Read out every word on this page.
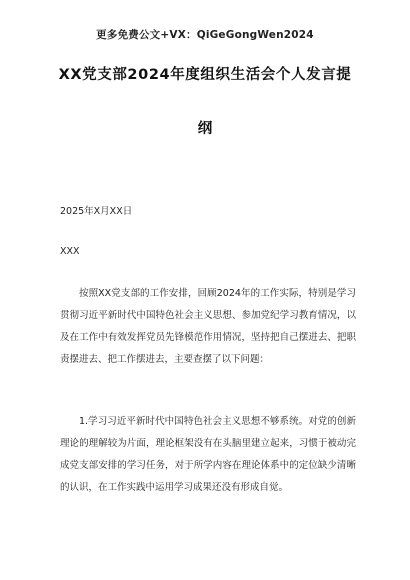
更多免费公文+VX：QiGeGongWen2024
XX党支部2024年度组织生活会个人发言提
纲
2025年X月XX日
XXX

按照XX党支部的工作安排，回顾2024年的工作实际，特别是学习贯彻习近平新时代中国特色社会主义思想、参加党纪学习教育情况，以及在工作中有效发挥党员先锋模范作用情况，坚持把自己摆进去、把职责摆进去、把工作摆进去，主要查摆了以下问题：

1.学习习近平新时代中国特色社会主义思想不够系统。对党的创新理论的理解较为片面，理论框架没有在头脑里建立起来，习惯于被动完成党支部安排的学习任务，对于所学内容在理论体系中的定位缺少清晰的认识，在工作实践中运用学习成果还没有形成自觉。
